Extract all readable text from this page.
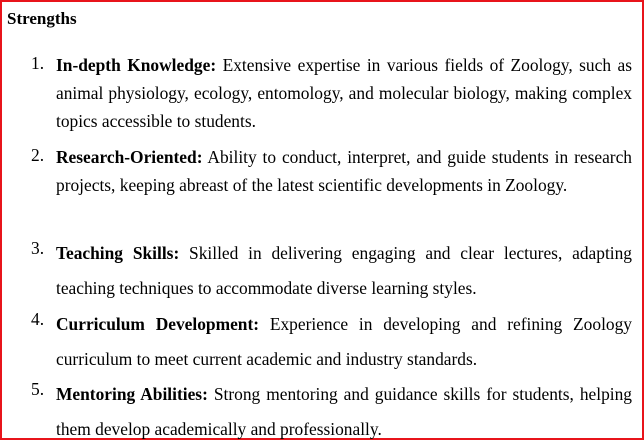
Strengths
1. In-depth Knowledge: Extensive expertise in various fields of Zoology, such as animal physiology, ecology, entomology, and molecular biology, making complex topics accessible to students.
2. Research-Oriented: Ability to conduct, interpret, and guide students in research projects, keeping abreast of the latest scientific developments in Zoology.
3. Teaching Skills: Skilled in delivering engaging and clear lectures, adapting teaching techniques to accommodate diverse learning styles.
4. Curriculum Development: Experience in developing and refining Zoology curriculum to meet current academic and industry standards.
5. Mentoring Abilities: Strong mentoring and guidance skills for students, helping them develop academically and professionally.
